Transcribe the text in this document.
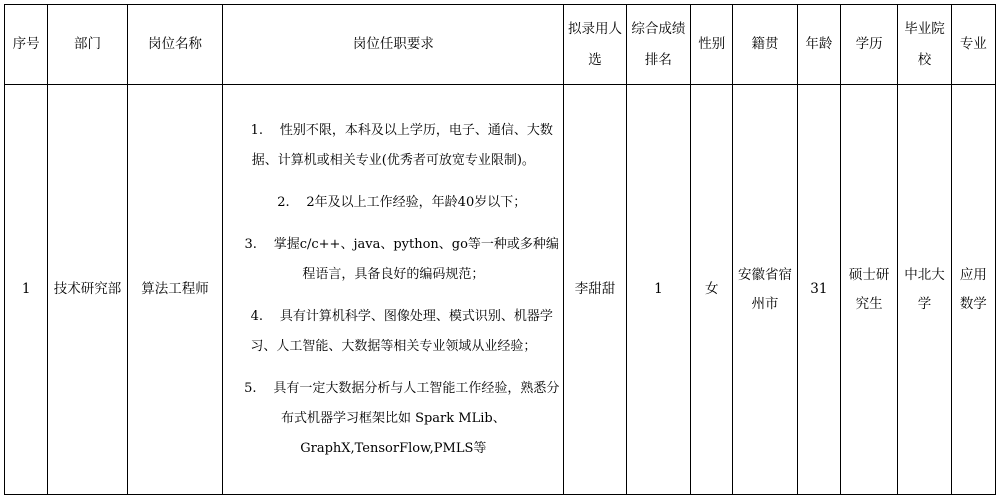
序号	部门	岗位名称	岗位任职要求	拟录用人选	综合成绩排名	性别	籍贯	年龄	学历	毕业院校	专业
1	技术研究部	算法工程师	1. 性别不限，本科及以上学历，电子、通信、大数据、计算机或相关专业(优秀者可放宽专业限制)。
2. 2年及以上工作经验，年龄40岁以下；
3. 掌握c/c++、java、python、go等一种或多种编程语言，具备良好的编码规范；
4. 具有计算机科学、图像处理、模式识别、机器学习、人工智能、大数据等相关专业领域从业经验；
5. 具有一定大数据分析与人工智能工作经验，熟悉分布式机器学习框架比如 Spark MLib、GraphX,TensorFlow,PMLS等	李甜甜	1	女	安徽省宿州市	31	硕士研究生	中北大学	应用数学
